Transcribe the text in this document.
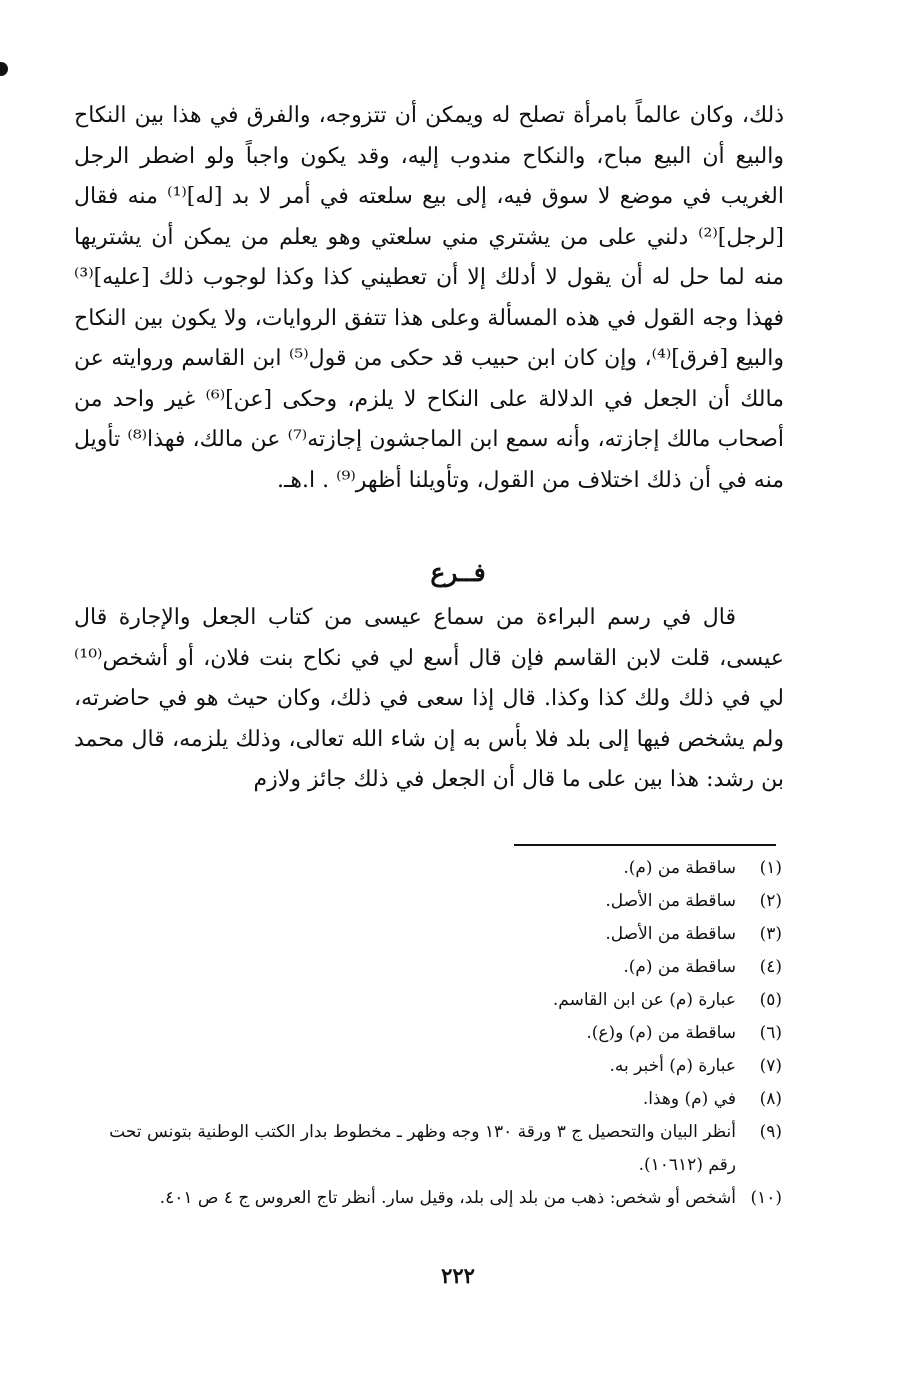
ذلك، وكان عالماً بامرأة تصلح له ويمكن أن تتزوجه، والفرق في هذا بين النكاح والبيع أن البيع مباح، والنكاح مندوب إليه، وقد يكون واجباً ولو اضطر الرجل الغريب في موضع لا سوق فيه، إلى بيع سلعته في أمر لا بد [له]⁽¹⁾ منه فقال [لرجل]⁽²⁾ دلني على من يشتري مني سلعتي وهو يعلم من يمكن أن يشتريها منه لما حل له أن يقول لا أدلك إلا أن تعطيني كذا وكذا لوجوب ذلك [عليه]⁽³⁾ فهذا وجه القول في هذه المسألة وعلى هذا تتفق الروايات، ولا يكون بين النكاح والبيع [فرق]⁽⁴⁾، وإن كان ابن حبيب قد حكى من قول⁽⁵⁾ ابن القاسم وروايته عن مالك أن الجعل في الدلالة على النكاح لا يلزم، وحكى [عن]⁽⁶⁾ غير واحد من أصحاب مالك إجازته، وأنه سمع ابن الماجشون إجازته⁽⁷⁾ عن مالك، فهذا⁽⁸⁾ تأويل منه في أن ذلك اختلاف من القول، وتأويلنا أظهر⁽⁹⁾ . ا.هـ.

فــرع

قال في رسم البراءة من سماع عيسى من كتاب الجعل والإجارة قال عيسى، قلت لابن القاسم فإن قال أسع لي في نكاح بنت فلان، أو أشخص⁽¹⁰⁾ لي في ذلك ولك كذا وكذا. قال إذا سعى في ذلك، وكان حيث هو في حاضرته، ولم يشخص فيها إلى بلد فلا بأس به إن شاء الله تعالى، وذلك يلزمه، قال محمد بن رشد: هذا بين على ما قال أن الجعل في ذلك جائز ولازم

(١)
ساقطة من (م).
(٢)
ساقطة من الأصل.
(٣)
ساقطة من الأصل.
(٤)
ساقطة من (م).
(٥)
عبارة (م) عن ابن القاسم.
(٦)
ساقطة من (م) و(ع).
(٧)
عبارة (م) أخبر به.
(٨)
في (م) وهذا.
(٩)
أنظر البيان والتحصيل ج ٣ ورقة ١٣٠ وجه وظهر ـ مخطوط بدار الكتب الوطنية بتونس تحت رقم (١٠٦١٢).
(١٠)
أشخص أو شخص: ذهب من بلد إلى بلد، وقيل سار. أنظر تاج العروس ج ٤ ص ٤٠١.
٢٢٢
